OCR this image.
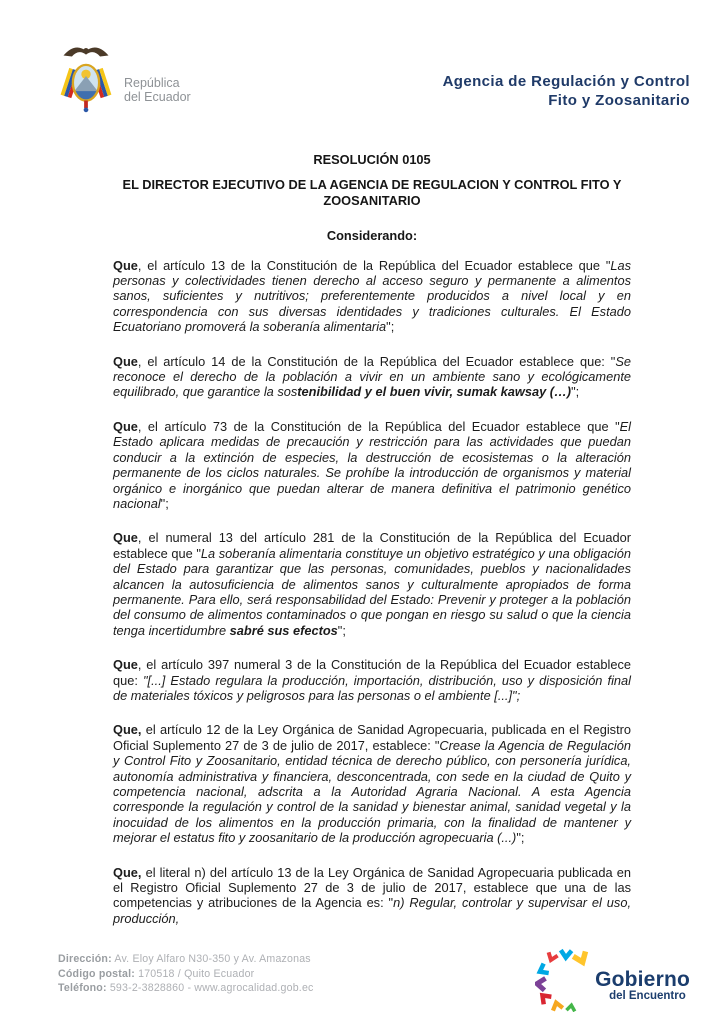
República
del Ecuador
Agencia de Regulación y Control
Fito y Zoosanitario
RESOLUCIÓN 0105
EL DIRECTOR EJECUTIVO DE LA AGENCIA DE REGULACION Y CONTROL FITO Y ZOOSANITARIO
Considerando:
Que, el artículo 13 de la Constitución de la República del Ecuador establece que "Las personas y colectividades tienen derecho al acceso seguro y permanente a alimentos sanos, suficientes y nutritivos; preferentemente producidos a nivel local y en correspondencia con sus diversas identidades y tradiciones culturales. El Estado Ecuatoriano promoverá la soberanía alimentaria";
Que, el artículo 14 de la Constitución de la República del Ecuador establece que: "Se reconoce el derecho de la población a vivir en un ambiente sano y ecológicamente equilibrado, que garantice la sostenibilidad y el buen vivir, sumak kawsay (…)";
Que, el artículo 73 de la Constitución de la República del Ecuador establece que "El Estado aplicara medidas de precaución y restricción para las actividades que puedan conducir a la extinción de especies, la destrucción de ecosistemas o la alteración permanente de los ciclos naturales. Se prohíbe la introducción de organismos y material orgánico e inorgánico que puedan alterar de manera definitiva el patrimonio genético nacional";
Que, el numeral 13 del artículo 281 de la Constitución de la República del Ecuador establece que "La soberanía alimentaria constituye un objetivo estratégico y una obligación del Estado para garantizar que las personas, comunidades, pueblos y nacionalidades alcancen la autosuficiencia de alimentos sanos y culturalmente apropiados de forma permanente. Para ello, será responsabilidad del Estado: Prevenir y proteger a la población del consumo de alimentos contaminados o que pongan en riesgo su salud o que la ciencia tenga incertidumbre sabré sus efectos";
Que, el artículo 397 numeral 3 de la Constitución de la República del Ecuador establece que: "[...] Estado regulara la producción, importación, distribución, uso y disposición final de materiales tóxicos y peligrosos para las personas o el ambiente [...]";
Que, el artículo 12 de la Ley Orgánica de Sanidad Agropecuaria, publicada en el Registro Oficial Suplemento 27 de 3 de julio de 2017, establece: "Crease la Agencia de Regulación y Control Fito y Zoosanitario, entidad técnica de derecho público, con personería jurídica, autonomía administrativa y financiera, desconcentrada, con sede en la ciudad de Quito y competencia nacional, adscrita a la Autoridad Agraria Nacional. A esta Agencia corresponde la regulación y control de la sanidad y bienestar animal, sanidad vegetal y la inocuidad de los alimentos en la producción primaria, con la finalidad de mantener y mejorar el estatus fito y zoosanitario de la producción agropecuaria (...)";
Que, el literal n) del artículo 13 de la Ley Orgánica de Sanidad Agropecuaria publicada en el Registro Oficial Suplemento 27 de 3 de julio de 2017, establece que una de las competencias y atribuciones de la Agencia es: "n) Regular, controlar y supervisar el uso, producción,
Dirección: Av. Eloy Alfaro N30-350 y Av. Amazonas
Código postal: 170518 / Quito Ecuador
Teléfono: 593-2-3828860 - www.agrocalidad.gob.ec	Gobierno
del Encuentro
